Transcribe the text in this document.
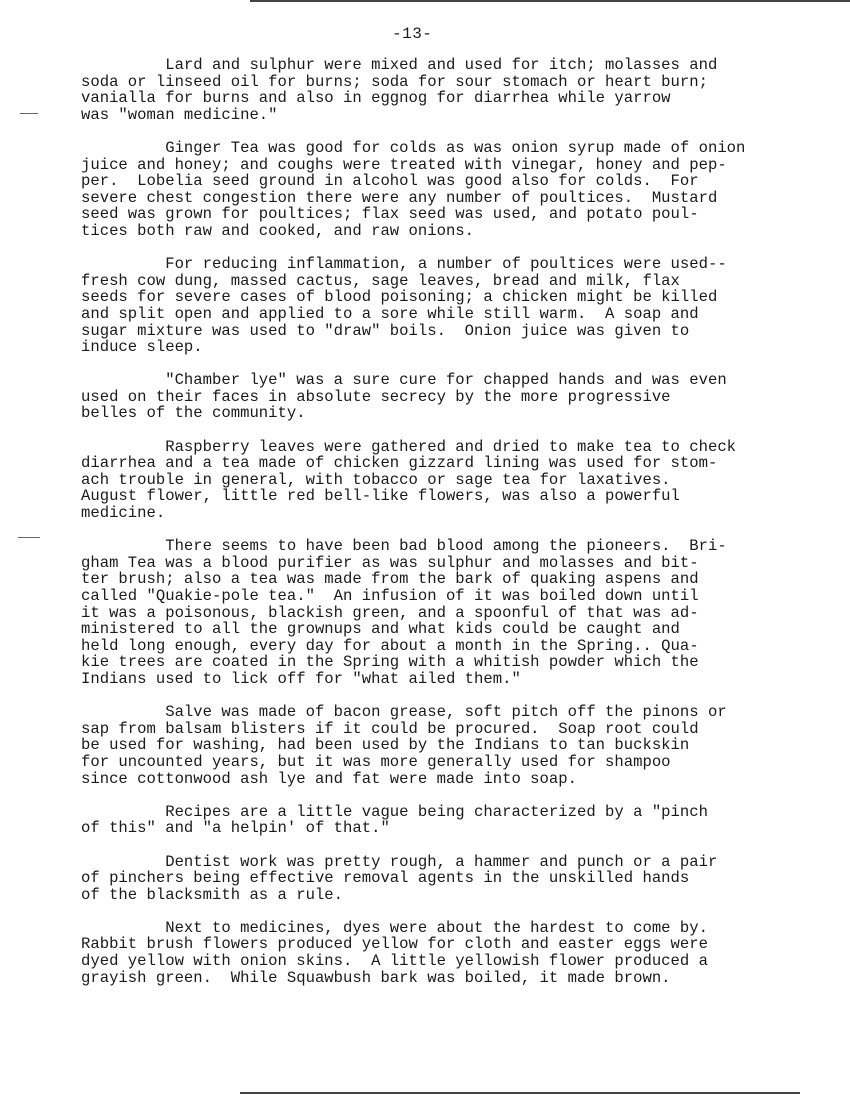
-13-
Lard and sulphur were mixed and used for itch; molasses and
soda or linseed oil for burns; soda for sour stomach or heart burn;
vanialla for burns and also in eggnog for diarrhea while yarrow
was "woman medicine."
Ginger Tea was good for colds as was onion syrup made of onion
juice and honey; and coughs were treated with vinegar, honey and pep-
per.  Lobelia seed ground in alcohol was good also for colds.  For
severe chest congestion there were any number of poultices.  Mustard
seed was grown for poultices; flax seed was used, and potato poul-
tices both raw and cooked, and raw onions.
For reducing inflammation, a number of poultices were used--
fresh cow dung, massed cactus, sage leaves, bread and milk, flax
seeds for severe cases of blood poisoning; a chicken might be killed
and split open and applied to a sore while still warm.  A soap and
sugar mixture was used to "draw" boils.  Onion juice was given to
induce sleep.
"Chamber lye" was a sure cure for chapped hands and was even
used on their faces in absolute secrecy by the more progressive
belles of the community.
Raspberry leaves were gathered and dried to make tea to check
diarrhea and a tea made of chicken gizzard lining was used for stom-
ach trouble in general, with tobacco or sage tea for laxatives.
August flower, little red bell-like flowers, was also a powerful
medicine.
There seems to have been bad blood among the pioneers.  Bri-
gham Tea was a blood purifier as was sulphur and molasses and bit-
ter brush; also a tea was made from the bark of quaking aspens and
called "Quakie-pole tea."  An infusion of it was boiled down until
it was a poisonous, blackish green, and a spoonful of that was ad-
ministered to all the grownups and what kids could be caught and
held long enough, every day for about a month in the Spring.. Qua-
kie trees are coated in the Spring with a whitish powder which the
Indians used to lick off for "what ailed them."
Salve was made of bacon grease, soft pitch off the pinons or
sap from balsam blisters if it could be procured.  Soap root could
be used for washing, had been used by the Indians to tan buckskin
for uncounted years, but it was more generally used for shampoo
since cottonwood ash lye and fat were made into soap.
Recipes are a little vague being characterized by a "pinch
of this" and "a helpin' of that."
Dentist work was pretty rough, a hammer and punch or a pair
of pinchers being effective removal agents in the unskilled hands
of the blacksmith as a rule.
Next to medicines, dyes were about the hardest to come by.
Rabbit brush flowers produced yellow for cloth and easter eggs were
dyed yellow with onion skins.  A little yellowish flower produced a
grayish green.  While Squawbush bark was boiled, it made brown.
